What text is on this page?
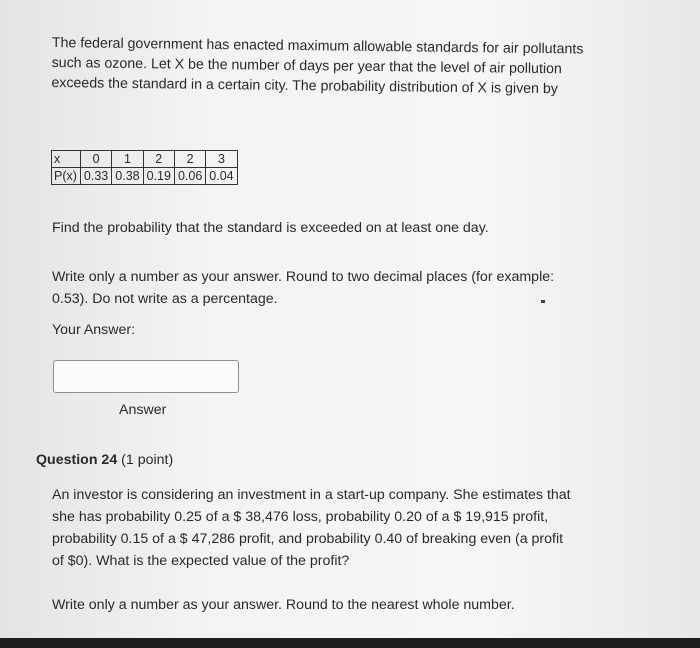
The federal government has enacted maximum allowable standards for air pollutants

such as ozone. Let X be the number of days per year that the level of air pollution

exceeds the standard in a certain city. The probability distribution of X is given by

x	0	1	2	2	3
P(x)	0.33	0.38	0.19	0.06	0.04
Find the probability that the standard is exceeded on at least one day.
Write only a number as your answer. Round to two decimal places (for example:
0.53). Do not write as a percentage.
Your Answer:
Answer
Question 24 (1 point)
An investor is considering an investment in a start-up company. She estimates that
she has probability 0.25 of a $ 38,476 loss, probability 0.20 of a $ 19,915 profit,
probability 0.15 of a $ 47,286 profit, and probability 0.40 of breaking even (a profit
of $0). What is the expected value of the profit?
Write only a number as your answer. Round to the nearest whole number.
